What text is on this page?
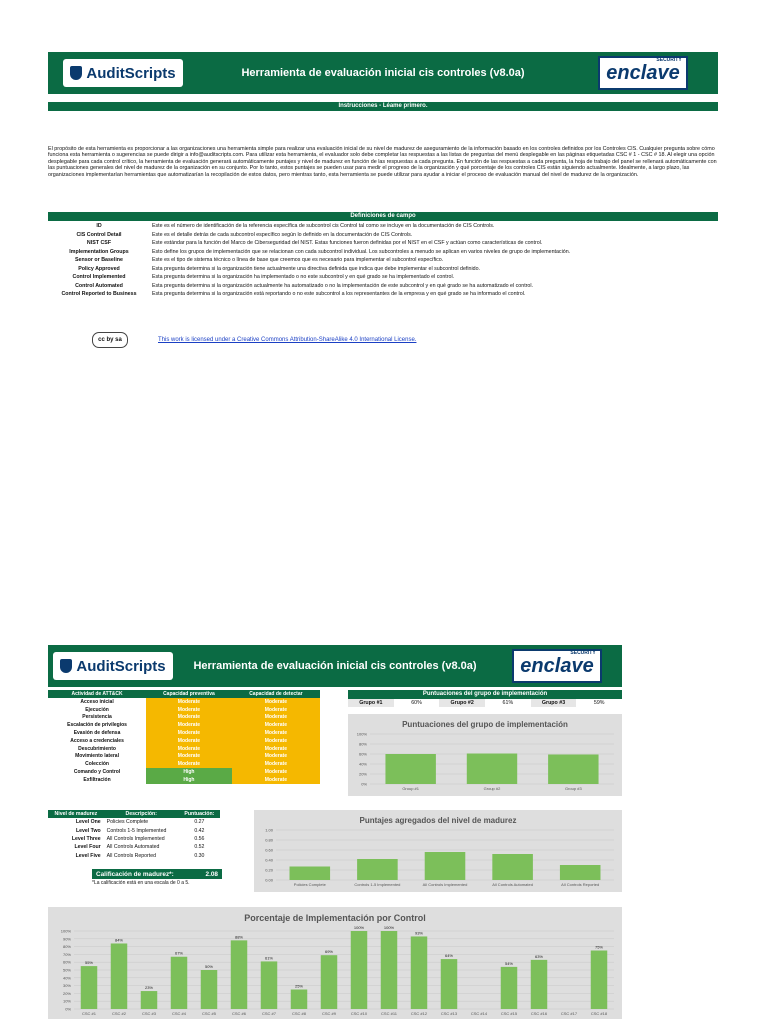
AuditScripts	Herramienta de evaluación inicial cis controles (v8.0a)
SECURITY
enclave
Instrucciones - Léame primero.
El propósito de esta herramienta es proporcionar a las organizaciones una herramienta simple para realizar una evaluación inicial de su nivel de madurez de aseguramiento de la información basado en los controles definidos por los Controles CIS. Cualquier pregunta sobre cómo funciona esta herramienta o sugerencias se puede dirigir a info@auditscripts.com. Para utilizar esta herramienta, el evaluador solo debe completar las respuestas a las listas de preguntas del menú desplegable en las páginas etiquetadas CSC # 1 - CSC # 18. Al elegir una opción desplegable para cada control crítico, la herramienta de evaluación generará automáticamente puntajes y nivel de madurez en función de las respuestas a cada pregunta. En función de las respuestas a cada pregunta, la hoja de trabajo del panel se rellenará automáticamente con las puntuaciones generales del nivel de madurez de la organización en su conjunto. Por lo tanto, estos puntajes se pueden usar para medir el progreso de la organización y qué porcentaje de los controles CIS están siguiendo actualmente. Idealmente, a largo plazo, las organizaciones implementarían herramientas que automatizarían la recopilación de estos datos, pero mientras tanto, esta herramienta se puede utilizar para ayudar a iniciar el proceso de evaluación manual del nivel de madurez de la organización.
Definiciones de campo
ID	Este es el número de identificación de la referencia específica de subcontrol cis Control tal como se incluye en la documentación de CIS Controls.
CIS Control Detail	Este es el detalle detrás de cada subcontrol específico según lo definido en la documentación de CIS Controls.
NIST CSF	Este estándar para la función del Marco de Ciberseguridad del NIST. Estas funciones fueron definidas por el NIST en el CSF y actúan como características de control.
Implementation Groups	Esto define los grupos de implementación que se relacionan con cada subcontrol individual. Los subcontroles a menudo se aplican en varios niveles de grupo de implementación.
Sensor or Baseline	Este es el tipo de sistema técnico o línea de base que creemos que es necesario para implementar el subcontrol específico.
Policy Approved	Esta pregunta determina si la organización tiene actualmente una directiva definida que indica que debe implementar el subcontrol definido.
Control Implemented	Esta pregunta determina si la organización ha implementado o no este subcontrol y en qué grado se ha implementado el control.
Control Automated	Esta pregunta determina si la organización actualmente ha automatizado o no la implementación de este subcontrol y en qué grado se ha automatizado el control.
Control Reported to Business	Esta pregunta determina si la organización está reportando o no este subcontrol a los representantes de la empresa y en qué grado se ha informado el control.
cc by sa	This work is licensed under a Creative Commons Attribution-ShareAlike 4.0 International License.
AuditScripts	Herramienta de evaluación inicial cis controles (v8.0a)
SECURITY
enclave
Actividad de ATT&CK	Capacidad preventiva	Capacidad de detectar
Acceso inicial	Moderate	Moderate
Ejecución	Moderate	Moderate
Persistencia	Moderate	Moderate
Escalación de privilegios	Moderate	Moderate
Evasión de defensa	Moderate	Moderate
Acceso a credenciales	Moderate	Moderate
Descubrimiento	Moderate	Moderate
Movimiento lateral	Moderate	Moderate
Colección	Moderate	Moderate
Comando y Control	High	Moderate
Exfiltración	High	Moderate
Puntuaciones del grupo de implementación
Grupo #1	60%	Grupo #2	61%	Grupo #3	59%
Puntuaciones del grupo de implementación
0%
20%
40%
60%
80%
100%
Group #1	Group #2	Group #3
Nivel de madurez	Descripción:	Puntuación:
Level One	Policies Complete	0.27
Level Two	Controls 1-5 Implemented	0.42
Level Three	All Controls Implemented	0.56
Level Four	All Controls Automated	0.52
Level Five	All Controls Reported	0.30
Calificación de madurez*:	2.08
*La calificación está en una escala de 0 a 5.
Puntajes agregados del nivel de madurez
0.00
0.20
0.40
0.60
0.80
1.00
Policies Complete	Controls 1-5 Implemented	All Controls Implemented	All Controls Automated	All Controls Reported
Porcentaje de Implementación por Control
0%
10%
20%
30%
40%
50%
60%
70%
80%
90%
100%
CSC #1
55%
CSC #2
84%
CSC #3
23%
CSC #4
67%
CSC #5
50%
CSC #6
88%
CSC #7
61%
CSC #8
25%
CSC #9
69%
CSC #10
100%
CSC #11
100%
CSC #12
93%
CSC #13
64%
CSC #14	CSC #15
54%
CSC #16
63%
CSC #17	CSC #18
75%
